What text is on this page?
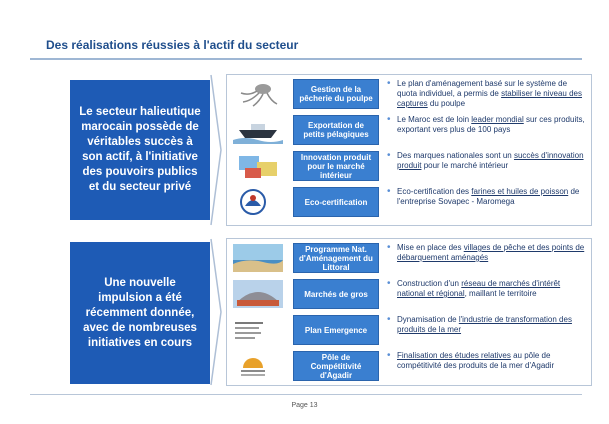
Des réalisations réussies à l'actif du secteur
Le secteur halieutique marocain possède de véritables succès à son actif, à l'initiative des pouvoirs publics et du secteur privé
Gestion de la pêcherie du poulpe
• Le plan d'aménagement basé sur le système de quota individuel, a permis de stabiliser le niveau des captures du poulpe
Exportation de petits pélagiques
• Le Maroc est de loin leader mondial sur ces produits, exportant vers plus de 100 pays
Innovation produit pour le marché intérieur
• Des marques nationales sont un succès d'innovation produit pour le marché intérieur
Eco-certification
• Eco-certification des farines et huiles de poisson de l'entreprise Sovapec - Maromega
Une nouvelle impulsion a été récemment donnée, avec de nombreuses initiatives en cours
Programme Nat. d'Aménagement du Littoral
• Mise en place des villages de pêche et des points de débarquement aménagés
Marchés de gros
• Construction d'un réseau de marchés d'intérêt national et régional, maillant le territoire
Plan Emergence
• Dynamisation de l'industrie de transformation des produits de la mer
Pôle de Compétitivité d'Agadir
• Finalisation des études relatives au pôle de compétitivité des produits de la mer d'Agadir
Page 13
